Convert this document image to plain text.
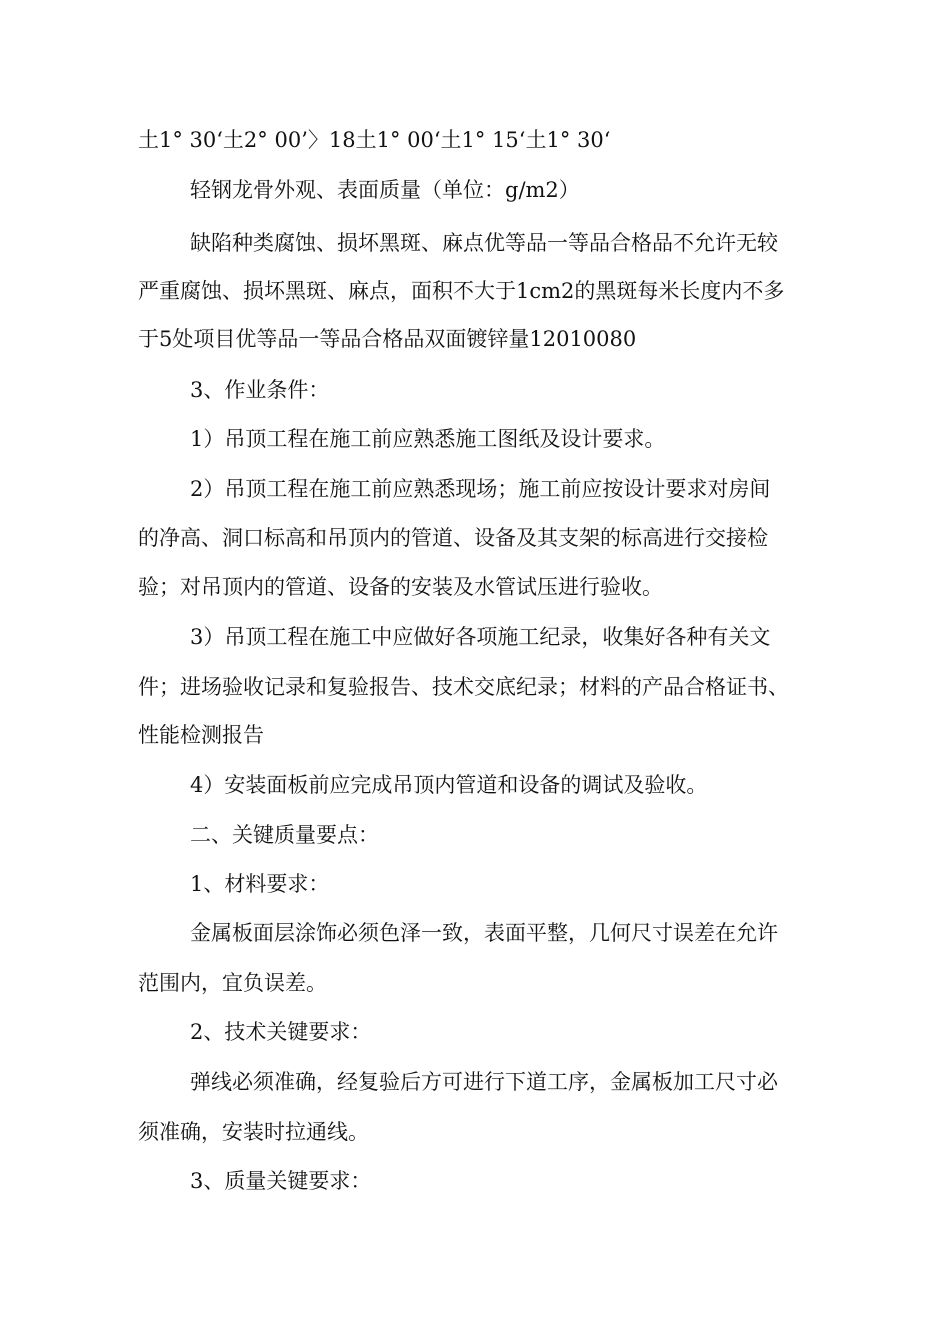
土1° 30‘土2° 00’〉18土1° 00‘土1° 15‘土1° 30‘
轻钢龙骨外观、表面质量（单位：g/m2）
缺陷种类腐蚀、损坏黑斑、麻点优等品一等品合格品不允许无较
严重腐蚀、损坏黑斑、麻点，面积不大于1cm2的黑斑每米长度内不多
于5处项目优等品一等品合格品双面镀锌量12010080
3、作业条件：
1）吊顶工程在施工前应熟悉施工图纸及设计要求。
2）吊顶工程在施工前应熟悉现场；施工前应按设计要求对房间
的净高、洞口标高和吊顶内的管道、设备及其支架的标高进行交接检
验；对吊顶内的管道、设备的安装及水管试压进行验收。
3）吊顶工程在施工中应做好各项施工纪录，收集好各种有关文
件；进场验收记录和复验报告、技术交底纪录；材料的产品合格证书、
性能检测报告
4）安装面板前应完成吊顶内管道和设备的调试及验收。
二、关键质量要点：
1、材料要求：
金属板面层涂饰必须色泽一致，表面平整，几何尺寸误差在允许
范围内，宜负误差。
2、技术关键要求：
弹线必须准确，经复验后方可进行下道工序，金属板加工尺寸必
须准确，安装时拉通线。
3、质量关键要求：
